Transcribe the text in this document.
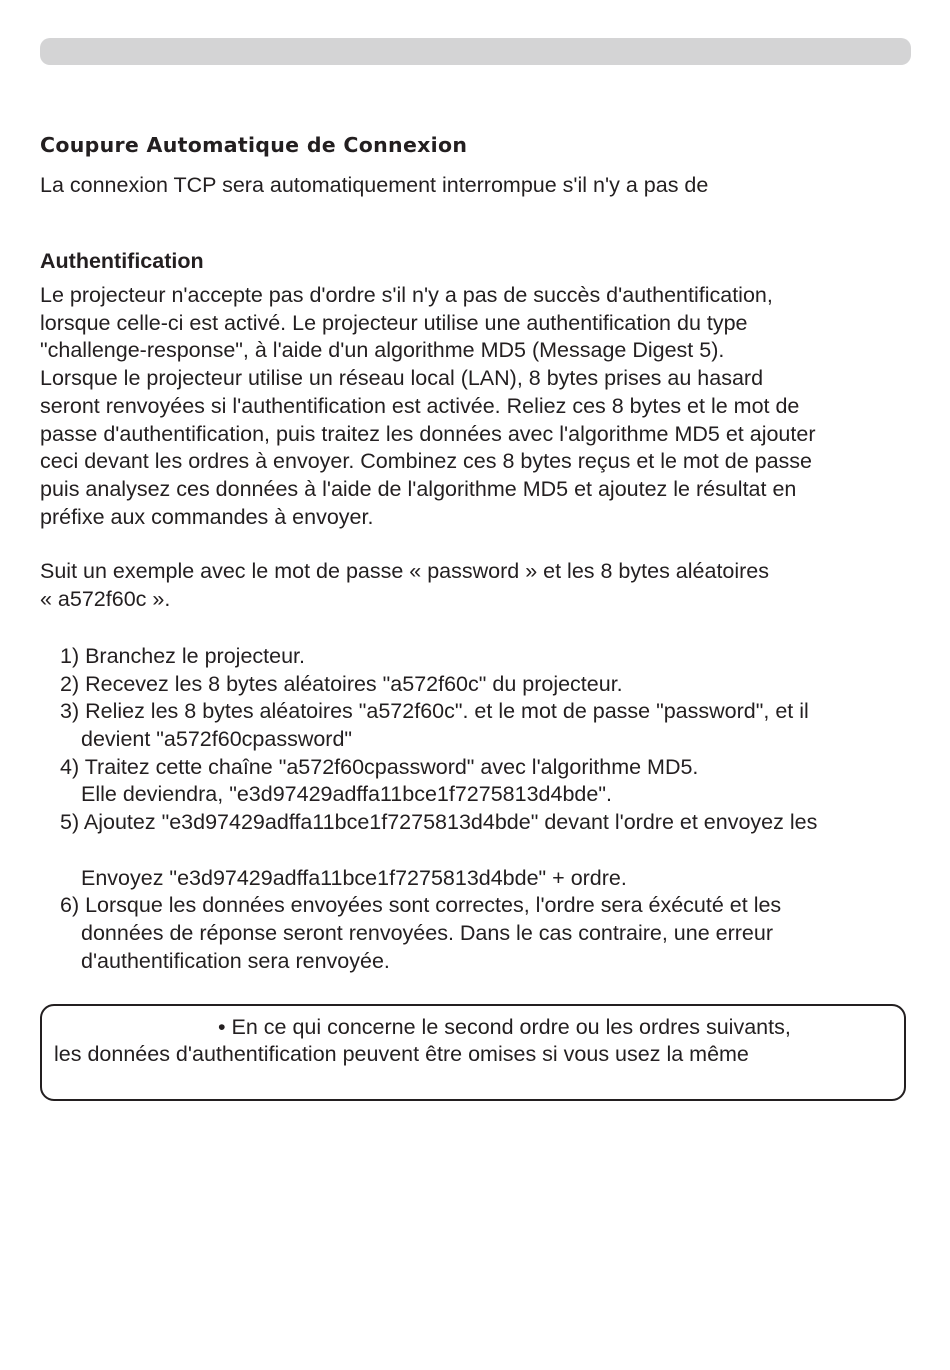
Coupure Automatique de Connexion

La connexion TCP sera automatiquement interrompue s'il n'y a pas de

Authentification
Le projecteur n'accepte pas d'ordre s'il n'y a pas de succès d'authentification,
lorsque celle-ci est activé. Le projecteur utilise une authentification du type
"challenge-response", à l'aide d'un algorithme MD5 (Message Digest 5).
Lorsque le projecteur utilise un réseau local (LAN), 8 bytes prises au hasard
seront renvoyées si l'authentification est activée. Reliez ces 8 bytes et le mot de
passe d'authentification, puis traitez les données avec l'algorithme MD5 et ajouter
ceci devant les ordres à envoyer. Combinez ces 8 bytes reçus et le mot de passe
puis analysez ces données à l'aide de l'algorithme MD5 et ajoutez le résultat en
préfixe aux commandes à envoyer.
Suit un exemple avec le mot de passe « password » et les 8 bytes aléatoires
« a572f60c ».
1) Branchez le projecteur.
2) Recevez les 8 bytes aléatoires "a572f60c" du projecteur.
3) Reliez les 8 bytes aléatoires "a572f60c". et le mot de passe "password", et il
devient "a572f60cpassword"
4) Traitez cette chaîne "a572f60cpassword" avec l'algorithme MD5.
Elle deviendra, "e3d97429adffa11bce1f7275813d4bde".
5) Ajoutez "e3d97429adffa11bce1f7275813d4bde" devant l'ordre et envoyez les
Envoyez "e3d97429adffa11bce1f7275813d4bde" + ordre.
6) Lorsque les données envoyées sont correctes, l'ordre sera éxécuté et les
données de réponse seront renvoyées. Dans le cas contraire, une erreur
d'authentification sera renvoyée.
• En ce qui concerne le second ordre ou les ordres suivants,
les données d'authentification peuvent être omises si vous usez la même
